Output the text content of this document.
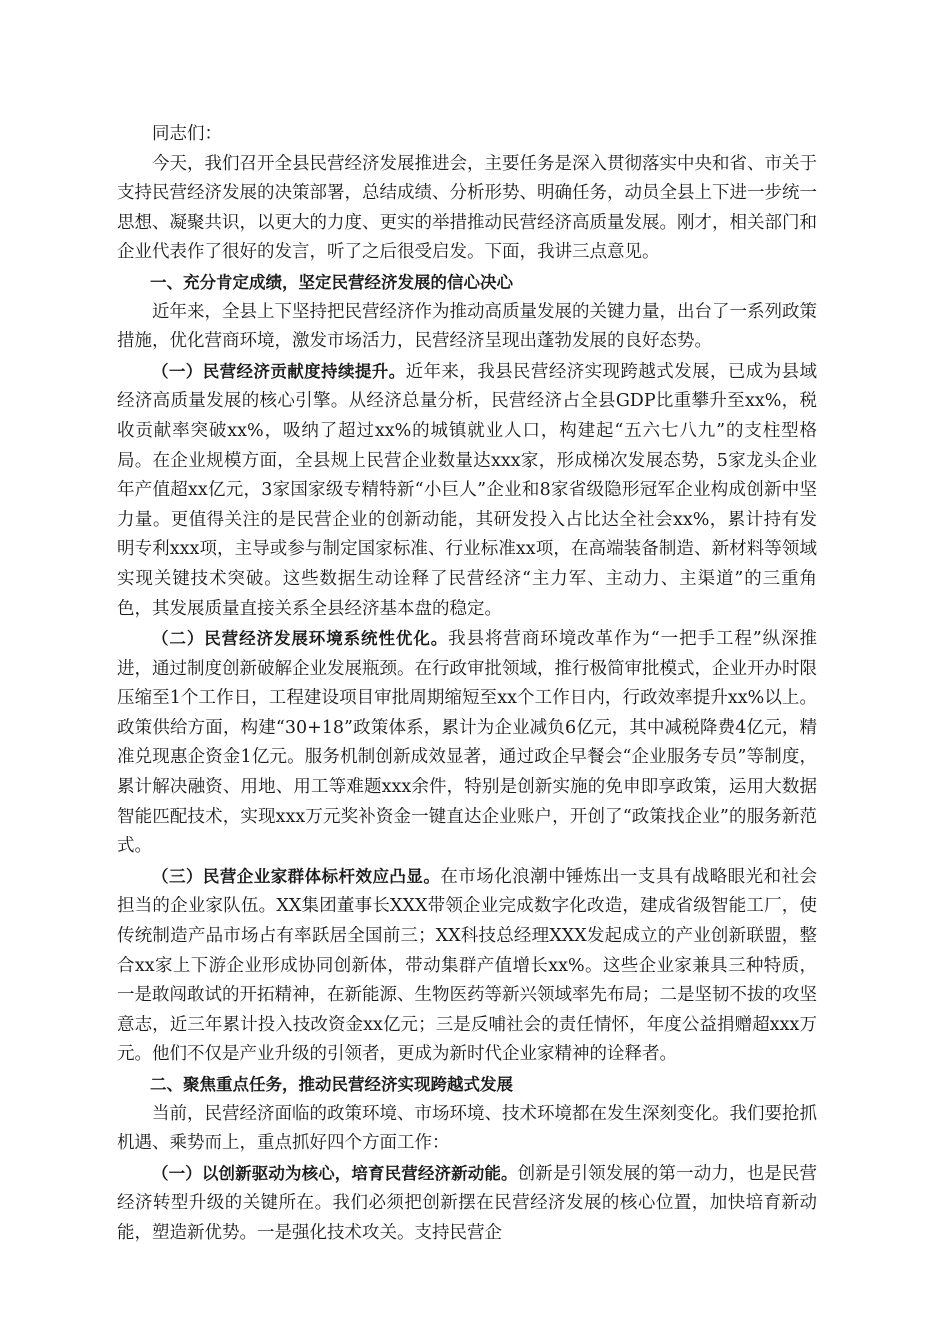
同志们：

今天，我们召开全县民营经济发展推进会，主要任务是深入贯彻落实中央和省、市关于支持民营经济发展的决策部署，总结成绩、分析形势、明确任务，动员全县上下进一步统一思想、凝聚共识，以更大的力度、更实的举措推动民营经济高质量发展。刚才，相关部门和企业代表作了很好的发言，听了之后很受启发。下面，我讲三点意见。

一、充分肯定成绩，坚定民营经济发展的信心决心

近年来，全县上下坚持把民营经济作为推动高质量发展的关键力量，出台了一系列政策措施，优化营商环境，激发市场活力，民营经济呈现出蓬勃发展的良好态势。

（一）民营经济贡献度持续提升。近年来，我县民营经济实现跨越式发展，已成为县域经济高质量发展的核心引擎。从经济总量分析，民营经济占全县GDP比重攀升至xx%，税收贡献率突破xx%，吸纳了超过xx%的城镇就业人口，构建起“五六七八九”的支柱型格局。在企业规模方面，全县规上民营企业数量达xxx家，形成梯次发展态势，5家龙头企业年产值超xx亿元，3家国家级专精特新“小巨人”企业和8家省级隐形冠军企业构成创新中坚力量。更值得关注的是民营企业的创新动能，其研发投入占比达全社会xx%，累计持有发明专利xxx项，主导或参与制定国家标准、行业标准xx项，在高端装备制造、新材料等领域实现关键技术突破。这些数据生动诠释了民营经济“主力军、主动力、主渠道”的三重角色，其发展质量直接关系全县经济基本盘的稳定。

（二）民营经济发展环境系统性优化。我县将营商环境改革作为“一把手工程”纵深推进，通过制度创新破解企业发展瓶颈。在行政审批领域，推行极简审批模式，企业开办时限压缩至1个工作日，工程建设项目审批周期缩短至xx个工作日内，行政效率提升xx%以上。政策供给方面，构建“30+18”政策体系，累计为企业减负6亿元，其中减税降费4亿元，精准兑现惠企资金1亿元。服务机制创新成效显著，通过政企早餐会“企业服务专员”等制度，累计解决融资、用地、用工等难题xxx余件，特别是创新实施的免申即享政策，运用大数据智能匹配技术，实现xxx万元奖补资金一键直达企业账户，开创了“政策找企业”的服务新范式。

（三）民营企业家群体标杆效应凸显。在市场化浪潮中锤炼出一支具有战略眼光和社会担当的企业家队伍。XX集团董事长XXX带领企业完成数字化改造，建成省级智能工厂，使传统制造产品市场占有率跃居全国前三；XX科技总经理XXX发起成立的产业创新联盟，整合xx家上下游企业形成协同创新体，带动集群产值增长xx%。这些企业家兼具三种特质，一是敢闯敢试的开拓精神，在新能源、生物医药等新兴领域率先布局；二是坚韧不拔的攻坚意志，近三年累计投入技改资金xx亿元；三是反哺社会的责任情怀，年度公益捐赠超xxx万元。他们不仅是产业升级的引领者，更成为新时代企业家精神的诠释者。

二、聚焦重点任务，推动民营经济实现跨越式发展

当前，民营经济面临的政策环境、市场环境、技术环境都在发生深刻变化。我们要抢抓机遇、乘势而上，重点抓好四个方面工作：

（一）以创新驱动为核心，培育民营经济新动能。创新是引领发展的第一动力，也是民营经济转型升级的关键所在。我们必须把创新摆在民营经济发展的核心位置，加快培育新动能，塑造新优势。一是强化技术攻关。支持民营企
